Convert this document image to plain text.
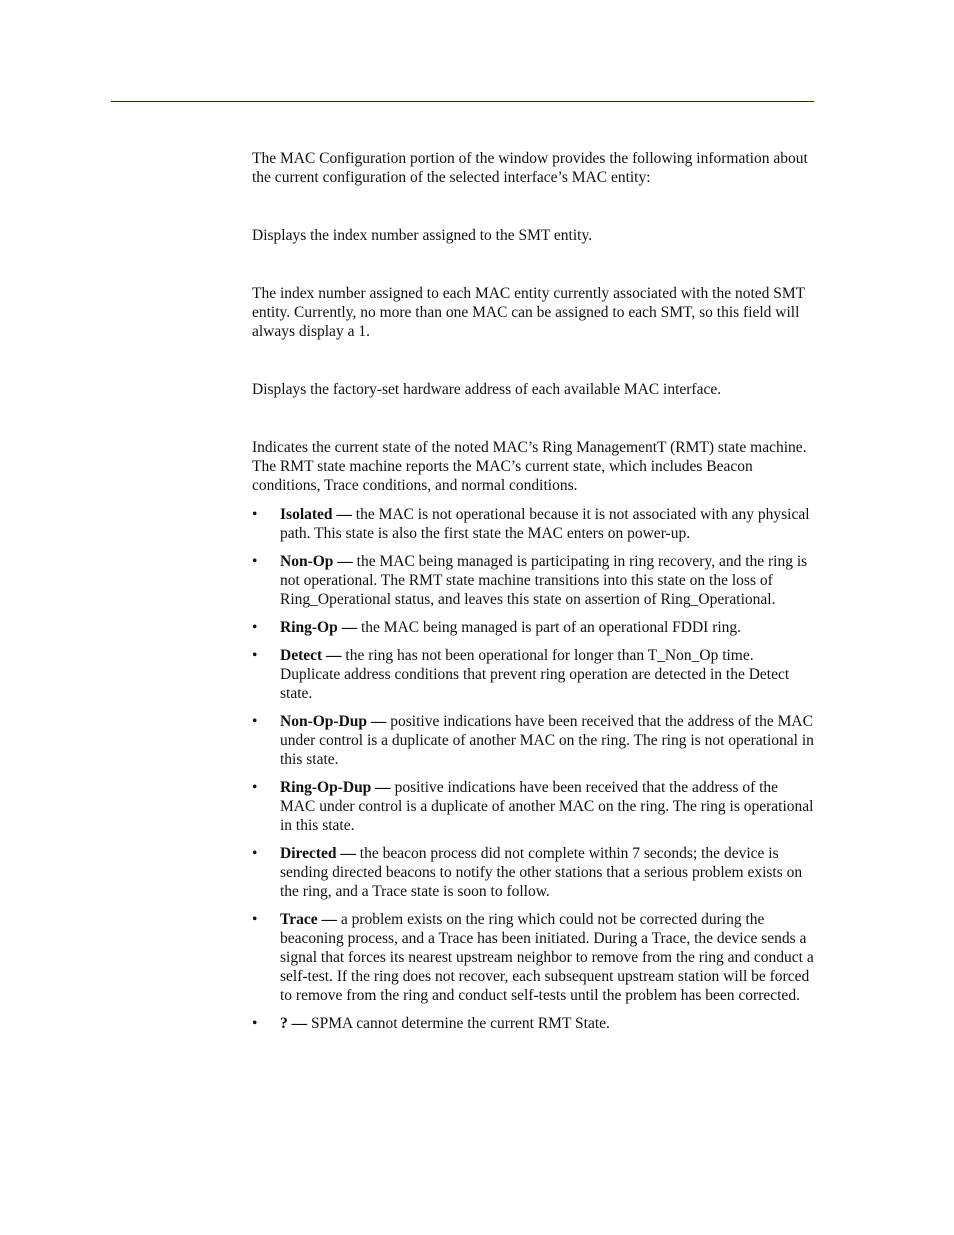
The MAC Configuration portion of the window provides the following information about the current configuration of the selected interface’s MAC entity:

Displays the index number assigned to the SMT entity.

The index number assigned to each MAC entity currently associated with the noted SMT entity. Currently, no more than one MAC can be assigned to each SMT, so this field will always display a 1.

Displays the factory-set hardware address of each available MAC interface.

Indicates the current state of the noted MAC’s Ring ManagementT (RMT) state machine. The RMT state machine reports the MAC’s current state, which includes Beacon conditions, Trace conditions, and normal conditions.

• Isolated — the MAC is not operational because it is not associated with any physical path. This state is also the first state the MAC enters on power-up.
• Non-Op — the MAC being managed is participating in ring recovery, and the ring is not operational. The RMT state machine transitions into this state on the loss of Ring_Operational status, and leaves this state on assertion of Ring_Operational.
• Ring-Op — the MAC being managed is part of an operational FDDI ring.
• Detect — the ring has not been operational for longer than T_Non_Op time. Duplicate address conditions that prevent ring operation are detected in the Detect state.
• Non-Op-Dup — positive indications have been received that the address of the MAC under control is a duplicate of another MAC on the ring. The ring is not operational in this state.
• Ring-Op-Dup — positive indications have been received that the address of the MAC under control is a duplicate of another MAC on the ring. The ring is operational in this state.
• Directed — the beacon process did not complete within 7 seconds; the device is sending directed beacons to notify the other stations that a serious problem exists on the ring, and a Trace state is soon to follow.
• Trace — a problem exists on the ring which could not be corrected during the beaconing process, and a Trace has been initiated. During a Trace, the device sends a signal that forces its nearest upstream neighbor to remove from the ring and conduct a self-test. If the ring does not recover, each subsequent upstream station will be forced to remove from the ring and conduct self-tests until the problem has been corrected.
• ? — SPMA cannot determine the current RMT State.
